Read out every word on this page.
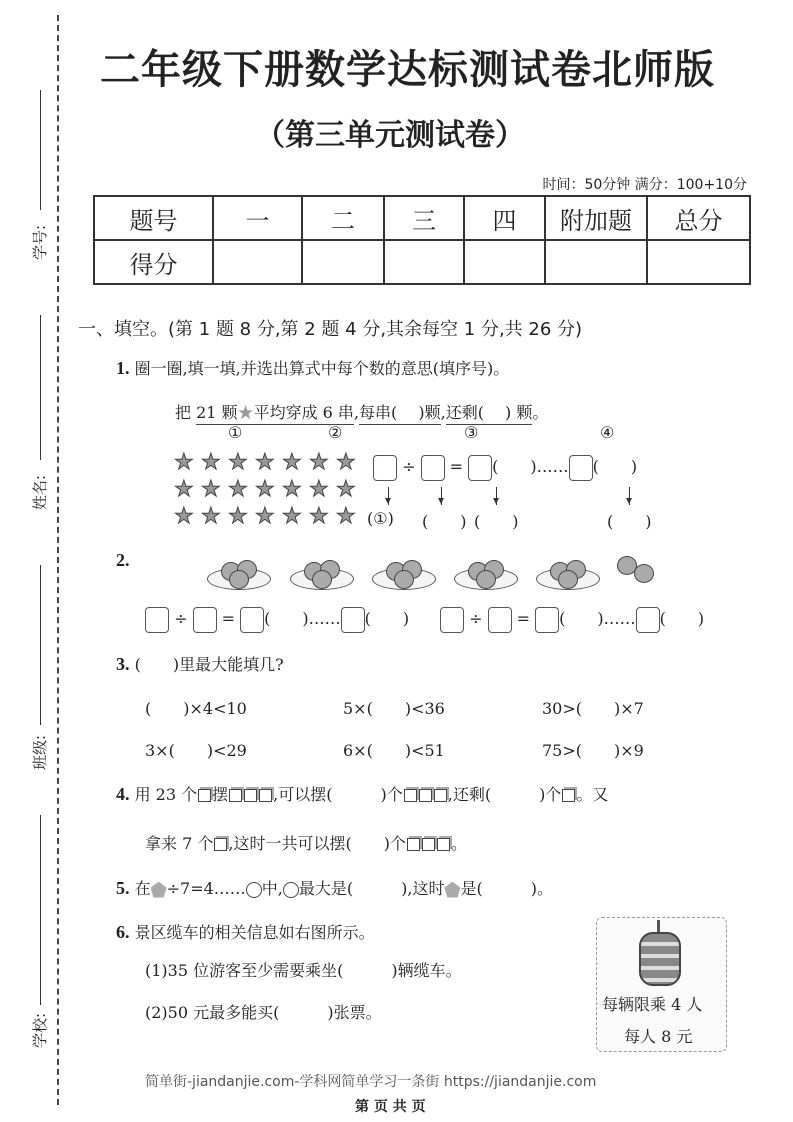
学号:
姓名:
班级:
学校:
二年级下册数学达标测试卷北师版
（第三单元测试卷）
时间：50分钟 满分：100+10分
题号	一	二	三	四	附加题	总分
得分						
一、填空。(第 1 题 8 分,第 2 题 4 分,其余每空 1 分,共 26 分)
1. 圈一圈,填一填,并选出算式中每个数的意思(填序号)。
把 21 颗★平均穿成 6 串,每串(　 )颗,还剩(　 ) 颗。
①	②	③	④
★ ★ ★ ★ ★ ★ ★
★ ★ ★ ★ ★ ★ ★
★ ★ ★ ★ ★ ★ ★
÷  = (　　)…… (　　)
(①) (　　) (　　)	(　　)
2.
÷  = (　　)…… (　　)	÷  = (　　)…… (　　)
3. (　　)里最大能填几?
(　　)×4<10	5×(　　)<36	30>(　　)×7
3×(　　)<29	6×(　　)<51	75>(　　)×9
4. 用 23 个 摆	,可以摆(　　　)个	,还剩(　　　)个 。又
拿来 7 个 ,这时一共可以摆(　　)个	。
5. 在 ÷7=4…… 中, 最大是(　　　),这时 是(　　　)。
6. 景区缆车的相关信息如右图所示。
(1)35 位游客至少需要乘坐(　　　)辆缆车。
(2)50 元最多能买(　　　)张票。	每辆限乘 4 人
每人 8 元
简单街-jiandanjie.com-学科网简单学习一条街 https://jiandanjie.com
第 页 共 页
